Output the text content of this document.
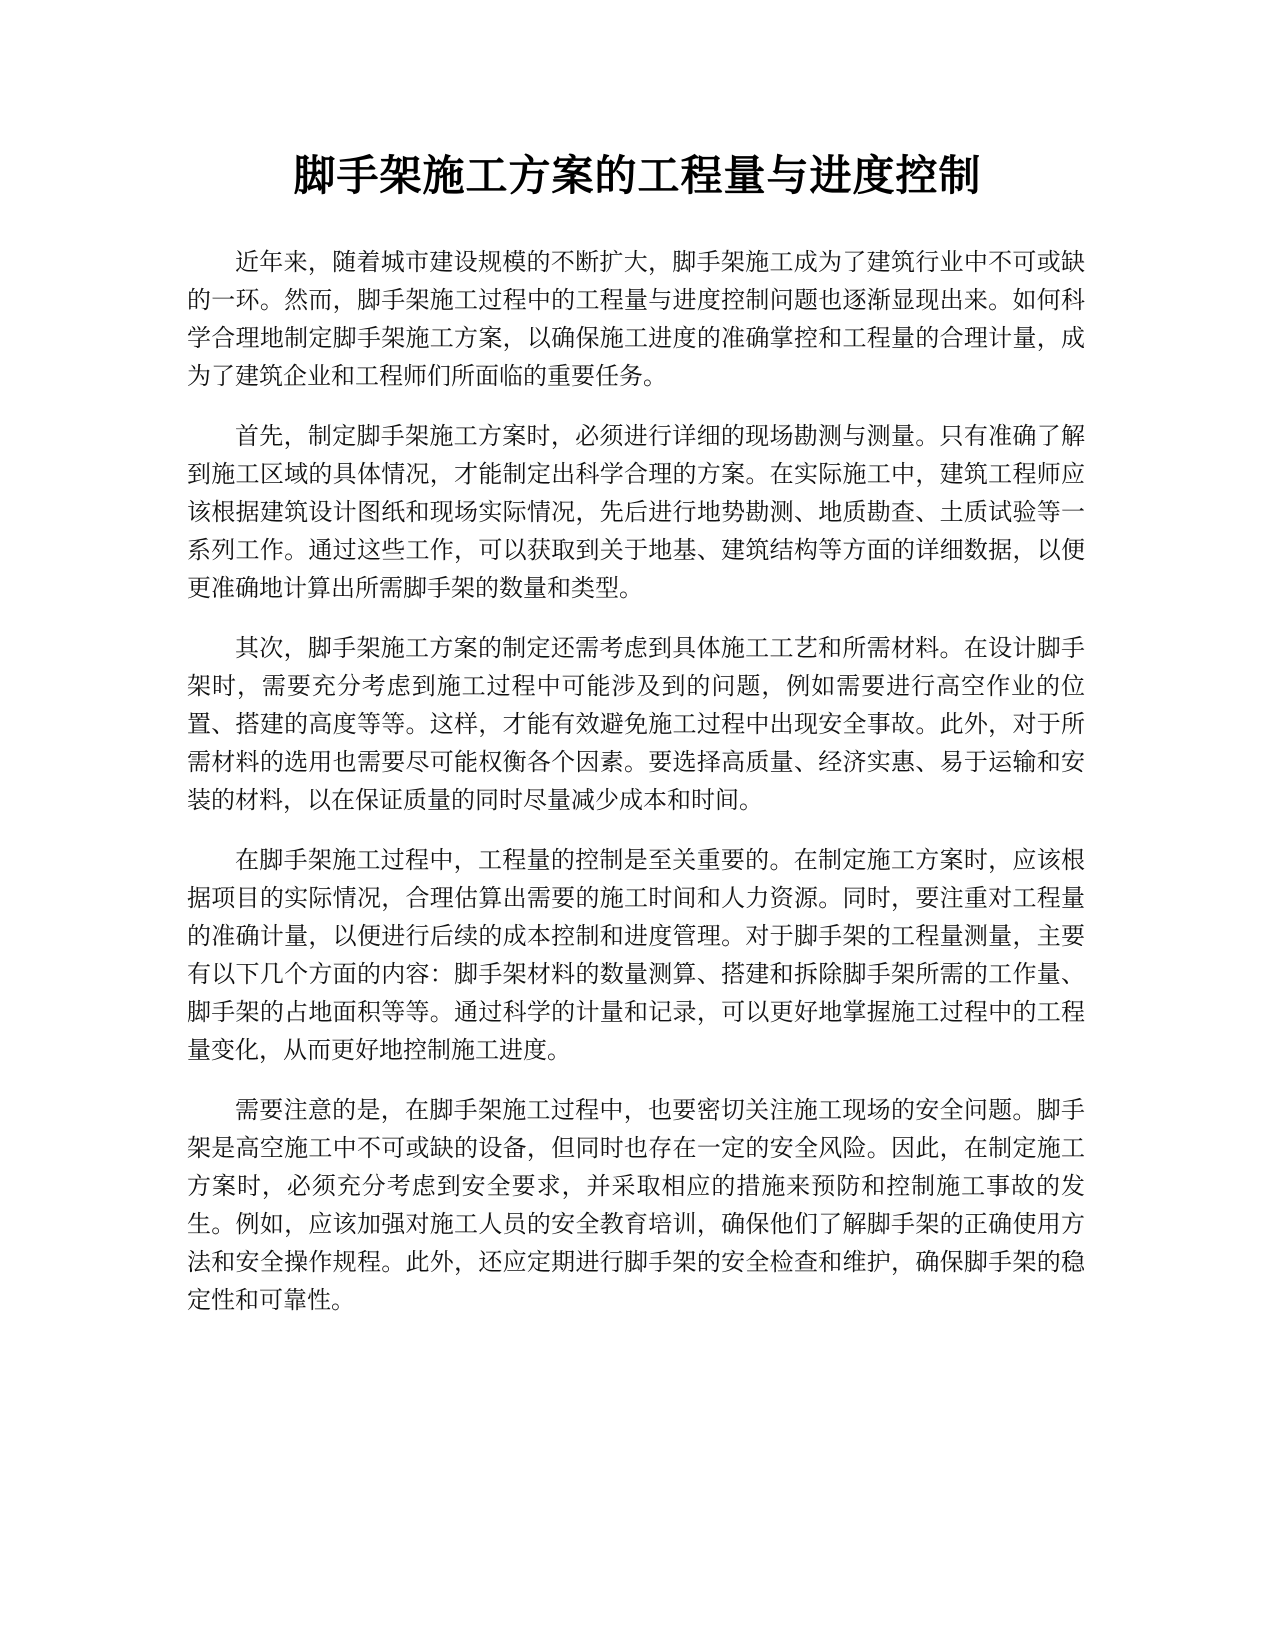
脚手架施工方案的工程量与进度控制

近年来，随着城市建设规模的不断扩大，脚手架施工成为了建筑行业中不可或缺的一环。然而，脚手架施工过程中的工程量与进度控制问题也逐渐显现出来。如何科学合理地制定脚手架施工方案，以确保施工进度的准确掌控和工程量的合理计量，成为了建筑企业和工程师们所面临的重要任务。

首先，制定脚手架施工方案时，必须进行详细的现场勘测与测量。只有准确了解到施工区域的具体情况，才能制定出科学合理的方案。在实际施工中，建筑工程师应该根据建筑设计图纸和现场实际情况，先后进行地势勘测、地质勘查、土质试验等一系列工作。通过这些工作，可以获取到关于地基、建筑结构等方面的详细数据，以便更准确地计算出所需脚手架的数量和类型。

其次，脚手架施工方案的制定还需考虑到具体施工工艺和所需材料。在设计脚手架时，需要充分考虑到施工过程中可能涉及到的问题，例如需要进行高空作业的位置、搭建的高度等等。这样，才能有效避免施工过程中出现安全事故。此外，对于所需材料的选用也需要尽可能权衡各个因素。要选择高质量、经济实惠、易于运输和安装的材料，以在保证质量的同时尽量减少成本和时间。

在脚手架施工过程中，工程量的控制是至关重要的。在制定施工方案时，应该根据项目的实际情况，合理估算出需要的施工时间和人力资源。同时，要注重对工程量的准确计量，以便进行后续的成本控制和进度管理。对于脚手架的工程量测量，主要有以下几个方面的内容：脚手架材料的数量测算、搭建和拆除脚手架所需的工作量、脚手架的占地面积等等。通过科学的计量和记录，可以更好地掌握施工过程中的工程量变化，从而更好地控制施工进度。

需要注意的是，在脚手架施工过程中，也要密切关注施工现场的安全问题。脚手架是高空施工中不可或缺的设备，但同时也存在一定的安全风险。因此，在制定施工方案时，必须充分考虑到安全要求，并采取相应的措施来预防和控制施工事故的发生。例如，应该加强对施工人员的安全教育培训，确保他们了解脚手架的正确使用方法和安全操作规程。此外，还应定期进行脚手架的安全检查和维护，确保脚手架的稳定性和可靠性。
